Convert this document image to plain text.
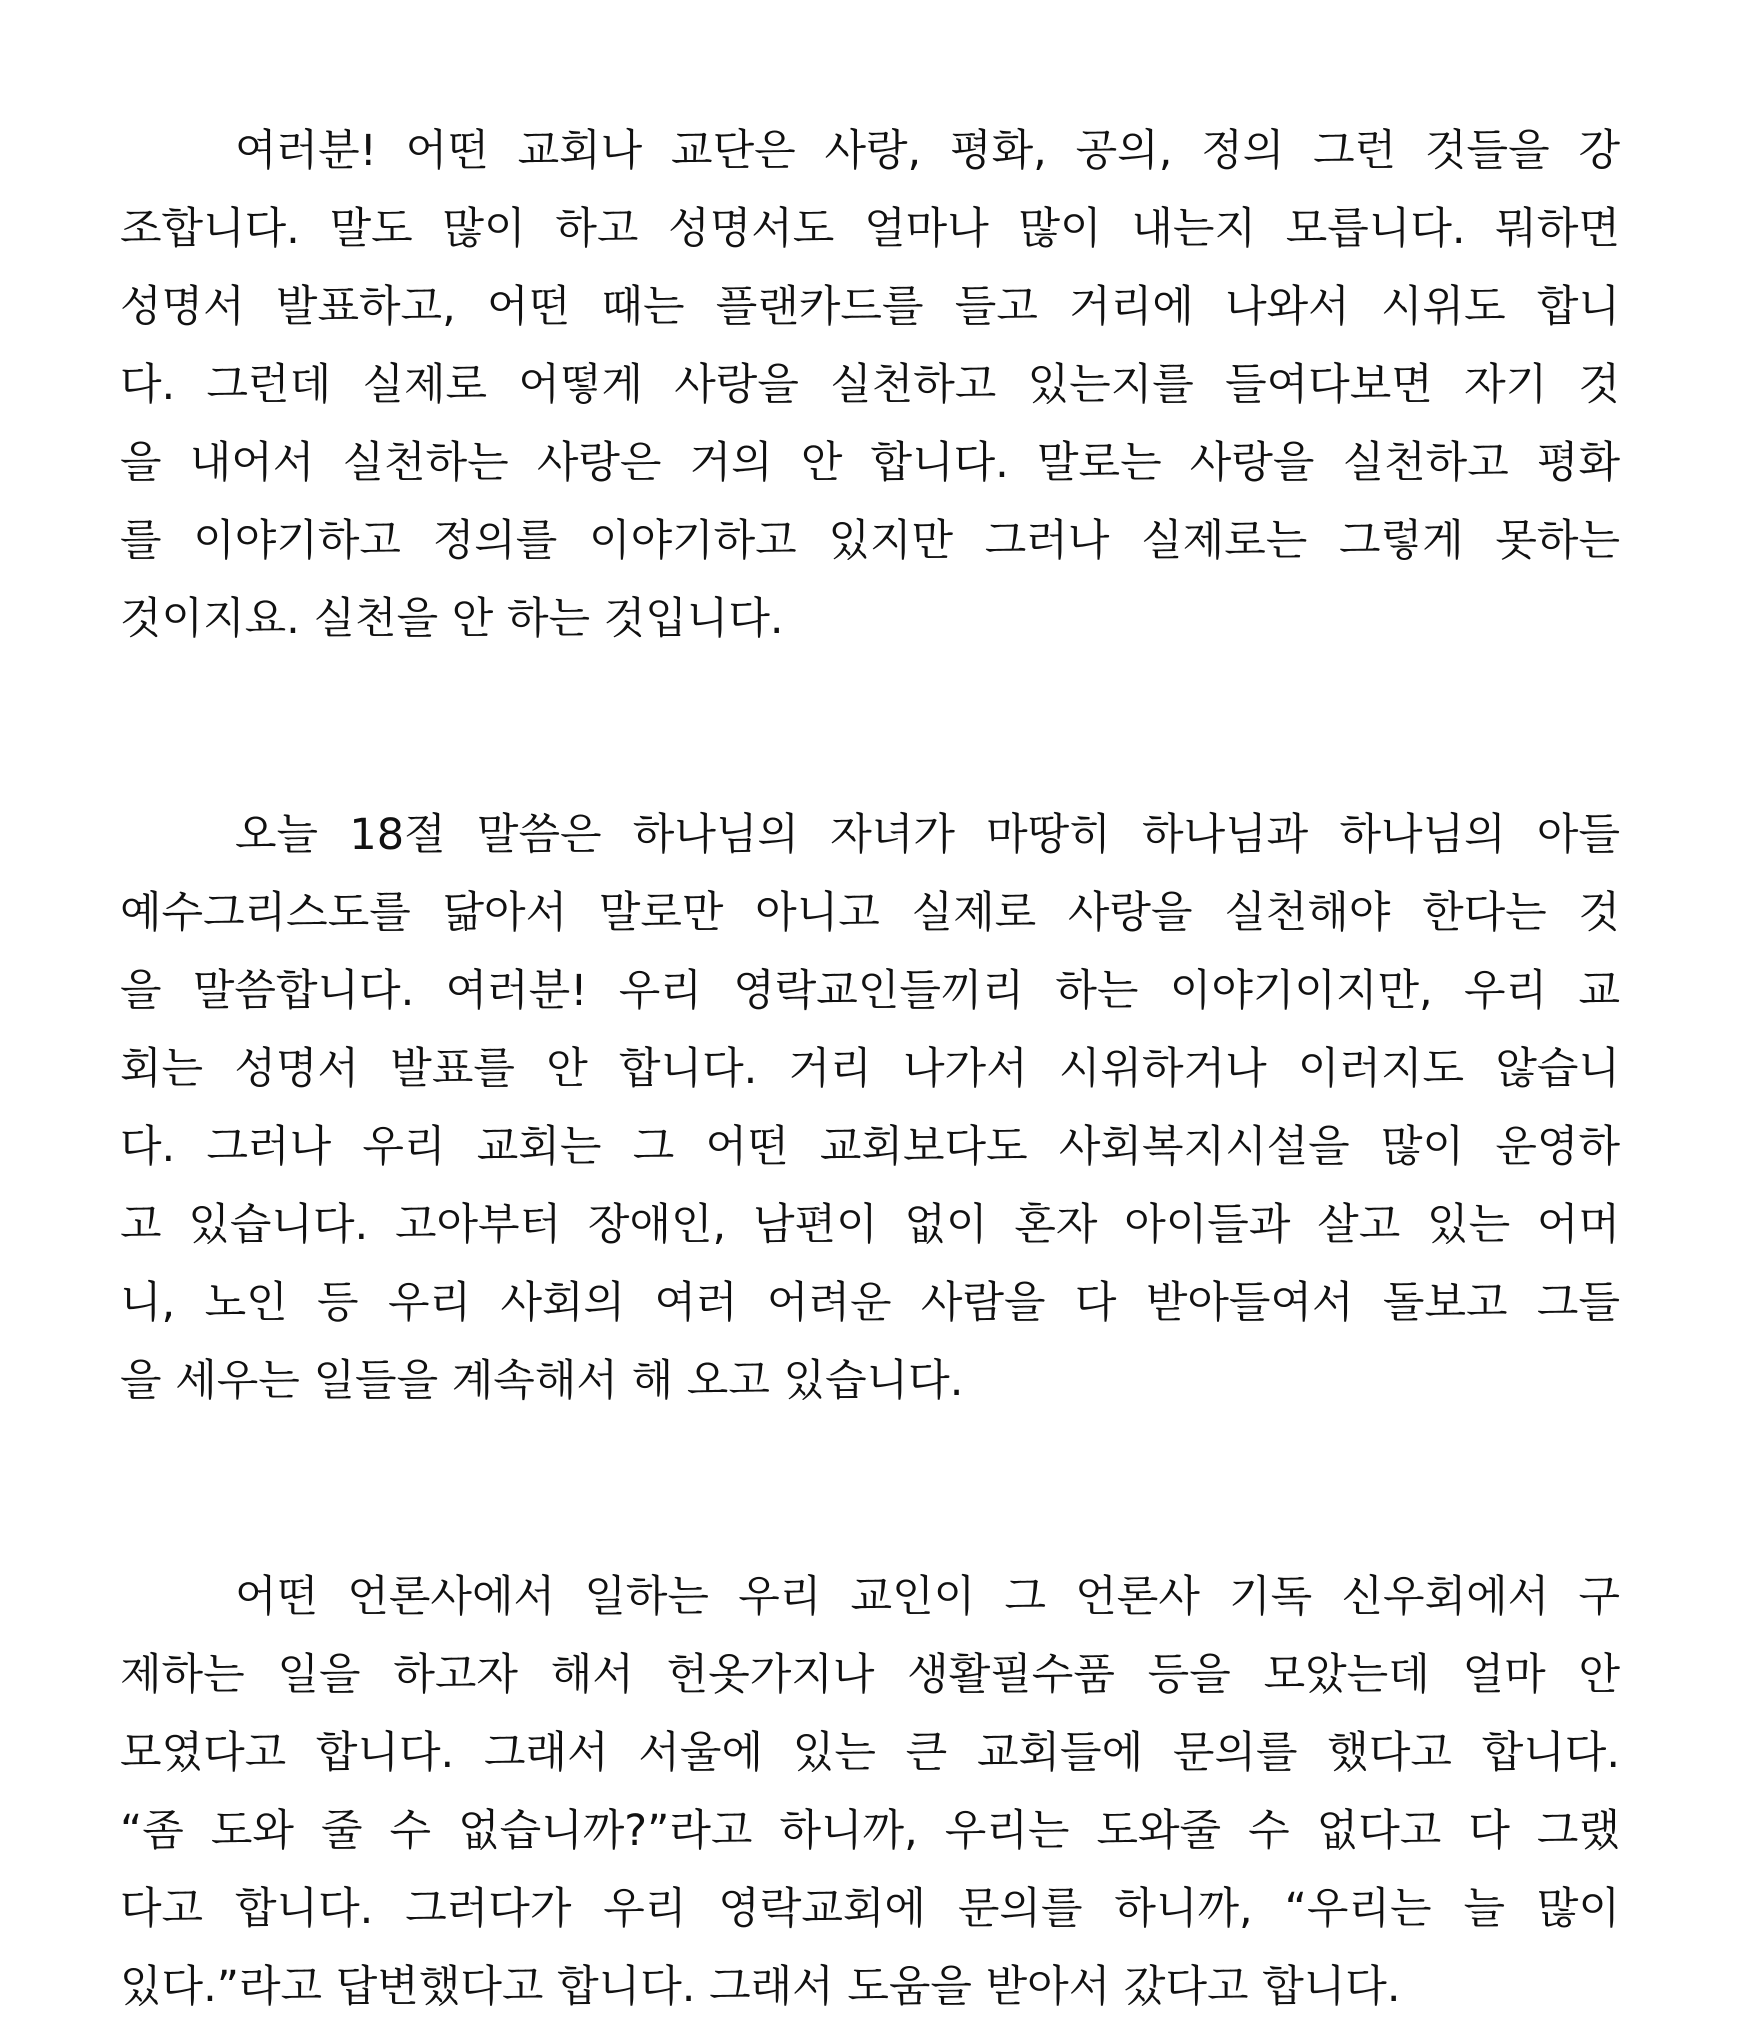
여러분! 어떤 교회나 교단은 사랑, 평화, 공의, 정의 그런 것들을 강
조합니다. 말도 많이 하고 성명서도 얼마나 많이 내는지 모릅니다. 뭐하면
성명서 발표하고, 어떤 때는 플랜카드를 들고 거리에 나와서 시위도 합니
다. 그런데 실제로 어떻게 사랑을 실천하고 있는지를 들여다보면 자기 것
을 내어서 실천하는 사랑은 거의 안 합니다. 말로는 사랑을 실천하고 평화
를 이야기하고 정의를 이야기하고 있지만 그러나 실제로는 그렇게 못하는
것이지요. 실천을 안 하는 것입니다.
오늘 18절 말씀은 하나님의 자녀가 마땅히 하나님과 하나님의 아들
예수그리스도를 닮아서 말로만 아니고 실제로 사랑을 실천해야 한다는 것
을 말씀합니다. 여러분! 우리 영락교인들끼리 하는 이야기이지만, 우리 교
회는 성명서 발표를 안 합니다. 거리 나가서 시위하거나 이러지도 않습니
다. 그러나 우리 교회는 그 어떤 교회보다도 사회복지시설을 많이 운영하
고 있습니다. 고아부터 장애인, 남편이 없이 혼자 아이들과 살고 있는 어머
니, 노인 등 우리 사회의 여러 어려운 사람을 다 받아들여서 돌보고 그들
을 세우는 일들을 계속해서 해 오고 있습니다.
어떤 언론사에서 일하는 우리 교인이 그 언론사 기독 신우회에서 구
제하는 일을 하고자 해서 헌옷가지나 생활필수품 등을 모았는데 얼마 안
모였다고 합니다. 그래서 서울에 있는 큰 교회들에 문의를 했다고 합니다.
“좀 도와 줄 수 없습니까?”라고 하니까, 우리는 도와줄 수 없다고 다 그랬
다고 합니다. 그러다가 우리 영락교회에 문의를 하니까, “우리는 늘 많이
있다.”라고 답변했다고 합니다. 그래서 도움을 받아서 갔다고 합니다.
